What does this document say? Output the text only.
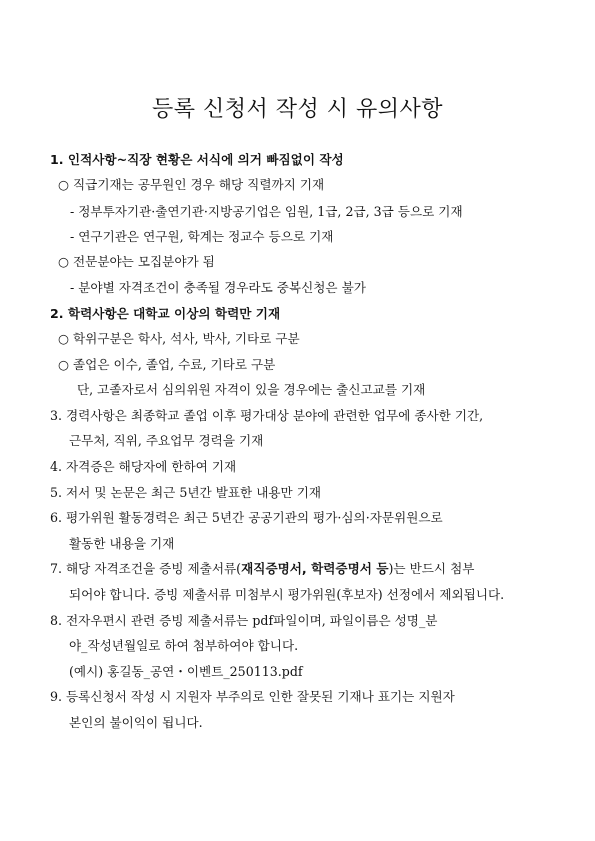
등록 신청서 작성 시 유의사항
1. 인적사항~직장 현황은 서식에 의거 빠짐없이 작성
○ 직급기재는 공무원인 경우 해당 직렬까지 기재
- 정부투자기관·출연기관·지방공기업은 임원, 1급, 2급, 3급 등으로 기재
- 연구기관은 연구원, 학계는 정교수 등으로 기재
○ 전문분야는 모집분야가 됨
- 분야별 자격조건이 충족될 경우라도 중복신청은 불가
2. 학력사항은 대학교 이상의 학력만 기재
○ 학위구분은 학사, 석사, 박사, 기타로 구분
○ 졸업은 이수, 졸업, 수료, 기타로 구분
단, 고졸자로서 심의위원 자격이 있을 경우에는 출신고교를 기재
3. 경력사항은 최종학교 졸업 이후 평가대상 분야에 관련한 업무에 종사한 기간,
근무처, 직위, 주요업무 경력을 기재
4. 자격증은 해당자에 한하여 기재
5. 저서 및 논문은 최근 5년간 발표한 내용만 기재
6. 평가위원 활동경력은 최근 5년간 공공기관의 평가·심의·자문위원으로
활동한 내용을 기재
7. 해당 자격조건을 증빙 제출서류(재직증명서, 학력증명서 등)는 반드시 첨부
되어야 합니다. 증빙 제출서류 미첨부시 평가위원(후보자) 선정에서 제외됩니다.
8. 전자우편시 관련 증빙 제출서류는 pdf파일이며, 파일이름은 성명_분
야_작성년월일로 하여 첨부하여야 합니다.
(예시) 홍길동_공연・이벤트_250113.pdf
9. 등록신청서 작성 시 지원자 부주의로 인한 잘못된 기재나 표기는 지원자
본인의 불이익이 됩니다.
